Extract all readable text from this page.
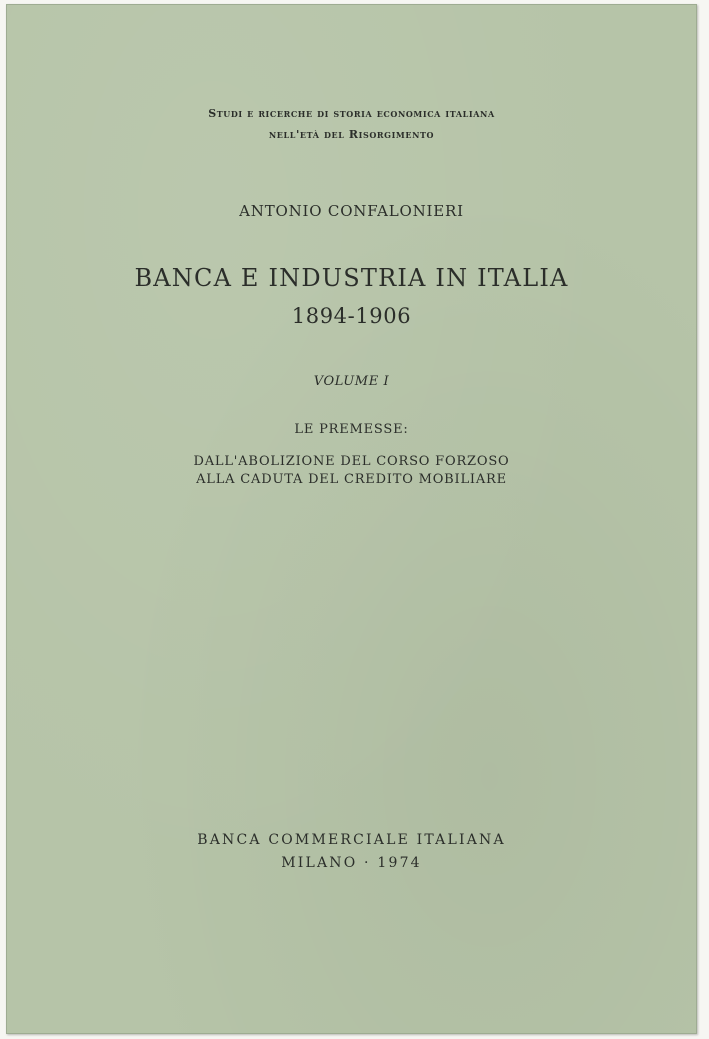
Studi e ricerche di storia economica italiana
nell'età del Risorgimento
ANTONIO CONFALONIERI
BANCA E INDUSTRIA IN ITALIA
1894-1906
VOLUME I
LE PREMESSE:
DALL'ABOLIZIONE DEL CORSO FORZOSO
ALLA CADUTA DEL CREDITO MOBILIARE
BANCA COMMERCIALE ITALIANA
MILANO · 1974
